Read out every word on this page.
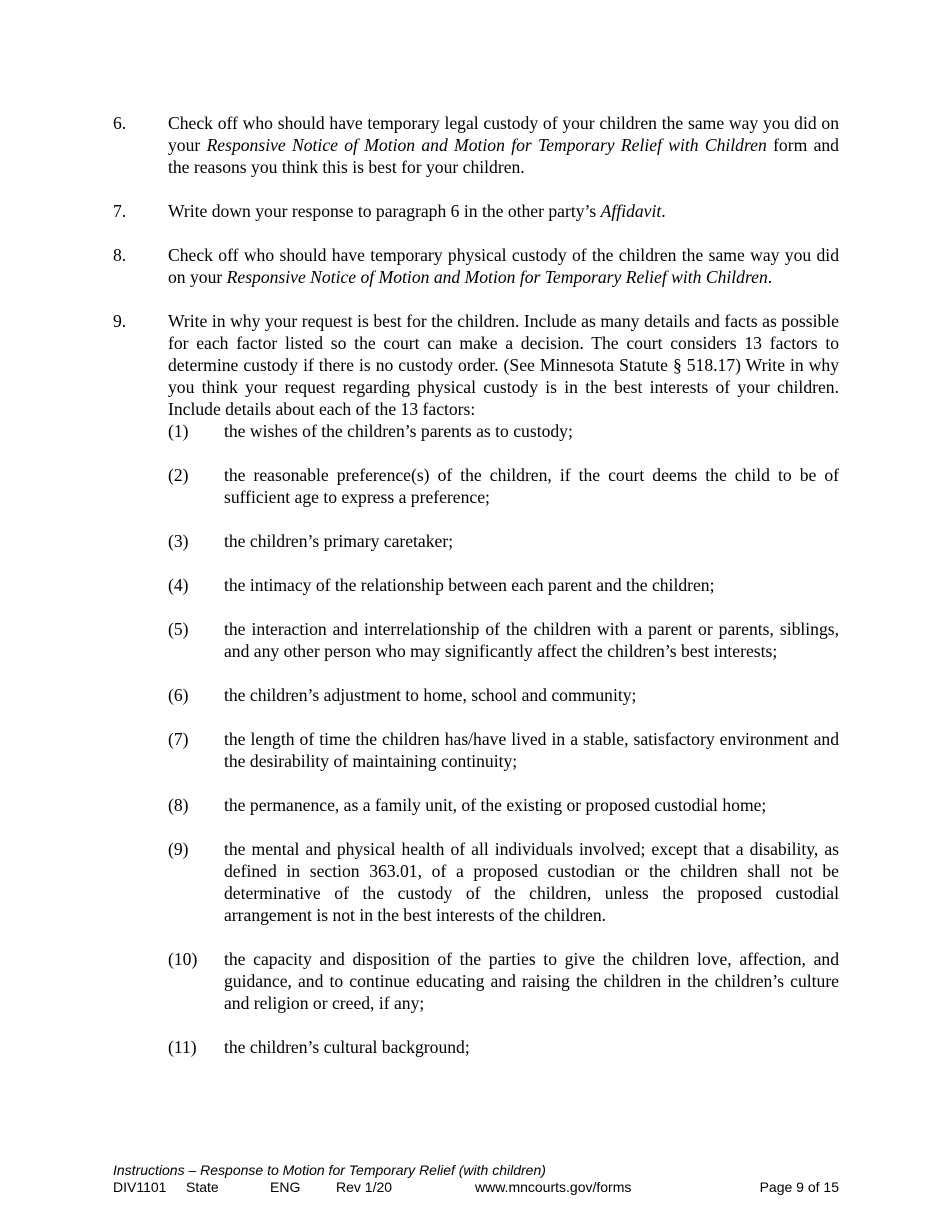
6.	Check off who should have temporary legal custody of your children the same way you did on your Responsive Notice of Motion and Motion for Temporary Relief with Children form and the reasons you think this is best for your children.
7.	Write down your response to paragraph 6 in the other party’s Affidavit.
8.	Check off who should have temporary physical custody of the children the same way you did on your Responsive Notice of Motion and Motion for Temporary Relief with Children.
9.	Write in why your request is best for the children. Include as many details and facts as possible for each factor listed so the court can make a decision. The court considers 13 factors to determine custody if there is no custody order. (See Minnesota Statute § 518.17) Write in why you think your request regarding physical custody is in the best interests of your children. Include details about each of the 13 factors:
(1)	the wishes of the children’s parents as to custody;
(2)	the reasonable preference(s) of the children, if the court deems the child to be of sufficient age to express a preference;
(3)	the children’s primary caretaker;
(4)	the intimacy of the relationship between each parent and the children;
(5)	the interaction and interrelationship of the children with a parent or parents, siblings, and any other person who may significantly affect the children’s best interests;
(6)	the children’s adjustment to home, school and community;
(7)	the length of time the children has/have lived in a stable, satisfactory environment and the desirability of maintaining continuity;
(8)	the permanence, as a family unit, of the existing or proposed custodial home;
(9)	the mental and physical health of all individuals involved; except that a disability, as defined in section 363.01, of a proposed custodian or the children shall not be determinative of the custody of the children, unless the proposed custodial arrangement is not in the best interests of the children.
(10)	the capacity and disposition of the parties to give the children love, affection, and guidance, and to continue educating and raising the children in the children’s culture and religion or creed, if any;
(11)	the children’s cultural background;
Instructions – Response to Motion for Temporary Relief (with children)
DIV1101 State	ENG	Rev 1/20	www.mncourts.gov/forms	Page 9 of 15
